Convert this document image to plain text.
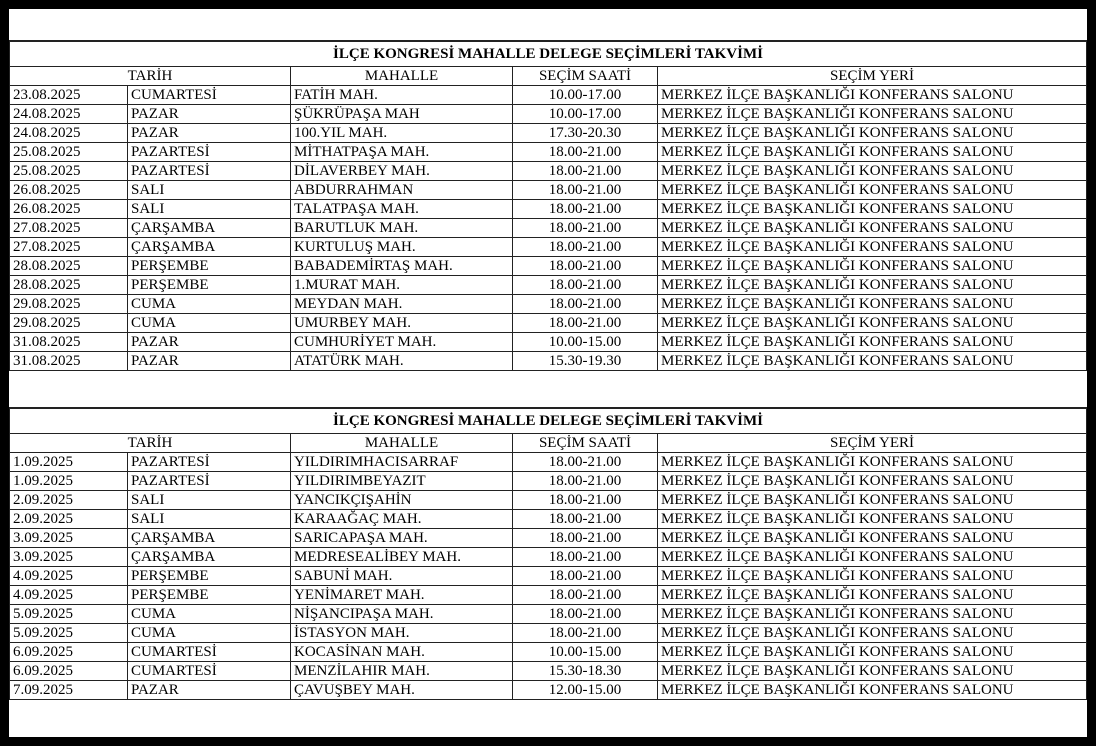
İLÇE KONGRESİ MAHALLE DELEGE SEÇİMLERİ TAKVİMİ				
TARİH		MAHALLE	SEÇİM SAATİ	SEÇİM YERİ
23.08.2025	CUMARTESİ	FATİH MAH.	10.00-17.00	MERKEZ İLÇE BAŞKANLIĞI KONFERANS SALONU
24.08.2025	PAZAR	ŞÜKRÜPAŞA MAH	10.00-17.00	MERKEZ İLÇE BAŞKANLIĞI KONFERANS SALONU
24.08.2025	PAZAR	100.YIL MAH.	17.30-20.30	MERKEZ İLÇE BAŞKANLIĞI KONFERANS SALONU
25.08.2025	PAZARTESİ	MİTHATPAŞA MAH.	18.00-21.00	MERKEZ İLÇE BAŞKANLIĞI KONFERANS SALONU
25.08.2025	PAZARTESİ	DİLAVERBEY MAH.	18.00-21.00	MERKEZ İLÇE BAŞKANLIĞI KONFERANS SALONU
26.08.2025	SALI	ABDURRAHMAN	18.00-21.00	MERKEZ İLÇE BAŞKANLIĞI KONFERANS SALONU
26.08.2025	SALI	TALATPAŞA MAH.	18.00-21.00	MERKEZ İLÇE BAŞKANLIĞI KONFERANS SALONU
27.08.2025	ÇARŞAMBA	BARUTLUK MAH.	18.00-21.00	MERKEZ İLÇE BAŞKANLIĞI KONFERANS SALONU
27.08.2025	ÇARŞAMBA	KURTULUŞ MAH.	18.00-21.00	MERKEZ İLÇE BAŞKANLIĞI KONFERANS SALONU
28.08.2025	PERŞEMBE	BABADEMİRTAŞ MAH.	18.00-21.00	MERKEZ İLÇE BAŞKANLIĞI KONFERANS SALONU
28.08.2025	PERŞEMBE	1.MURAT MAH.	18.00-21.00	MERKEZ İLÇE BAŞKANLIĞI KONFERANS SALONU
29.08.2025	CUMA	MEYDAN MAH.	18.00-21.00	MERKEZ İLÇE BAŞKANLIĞI KONFERANS SALONU
29.08.2025	CUMA	UMURBEY MAH.	18.00-21.00	MERKEZ İLÇE BAŞKANLIĞI KONFERANS SALONU
31.08.2025	PAZAR	CUMHURİYET MAH.	10.00-15.00	MERKEZ İLÇE BAŞKANLIĞI KONFERANS SALONU
31.08.2025	PAZAR	ATATÜRK MAH.	15.30-19.30	MERKEZ İLÇE BAŞKANLIĞI KONFERANS SALONU
İLÇE KONGRESİ MAHALLE DELEGE SEÇİMLERİ TAKVİMİ				
TARİH		MAHALLE	SEÇİM SAATİ	SEÇİM YERİ
1.09.2025	PAZARTESİ	YILDIRIMHACISARRAF	18.00-21.00	MERKEZ İLÇE BAŞKANLIĞI KONFERANS SALONU
1.09.2025	PAZARTESİ	YILDIRIMBEYAZIT	18.00-21.00	MERKEZ İLÇE BAŞKANLIĞI KONFERANS SALONU
2.09.2025	SALI	YANCIKÇIŞAHİN	18.00-21.00	MERKEZ İLÇE BAŞKANLIĞI KONFERANS SALONU
2.09.2025	SALI	KARAAĞAÇ MAH.	18.00-21.00	MERKEZ İLÇE BAŞKANLIĞI KONFERANS SALONU
3.09.2025	ÇARŞAMBA	SARICAPAŞA MAH.	18.00-21.00	MERKEZ İLÇE BAŞKANLIĞI KONFERANS SALONU
3.09.2025	ÇARŞAMBA	MEDRESEALİBEY MAH.	18.00-21.00	MERKEZ İLÇE BAŞKANLIĞI KONFERANS SALONU
4.09.2025	PERŞEMBE	SABUNİ MAH.	18.00-21.00	MERKEZ İLÇE BAŞKANLIĞI KONFERANS SALONU
4.09.2025	PERŞEMBE	YENİMARET MAH.	18.00-21.00	MERKEZ İLÇE BAŞKANLIĞI KONFERANS SALONU
5.09.2025	CUMA	NİŞANCIPAŞA MAH.	18.00-21.00	MERKEZ İLÇE BAŞKANLIĞI KONFERANS SALONU
5.09.2025	CUMA	İSTASYON MAH.	18.00-21.00	MERKEZ İLÇE BAŞKANLIĞI KONFERANS SALONU
6.09.2025	CUMARTESİ	KOCASİNAN MAH.	10.00-15.00	MERKEZ İLÇE BAŞKANLIĞI KONFERANS SALONU
6.09.2025	CUMARTESİ	MENZİLAHIR MAH.	15.30-18.30	MERKEZ İLÇE BAŞKANLIĞI KONFERANS SALONU
7.09.2025	PAZAR	ÇAVUŞBEY MAH.	12.00-15.00	MERKEZ İLÇE BAŞKANLIĞI KONFERANS SALONU
